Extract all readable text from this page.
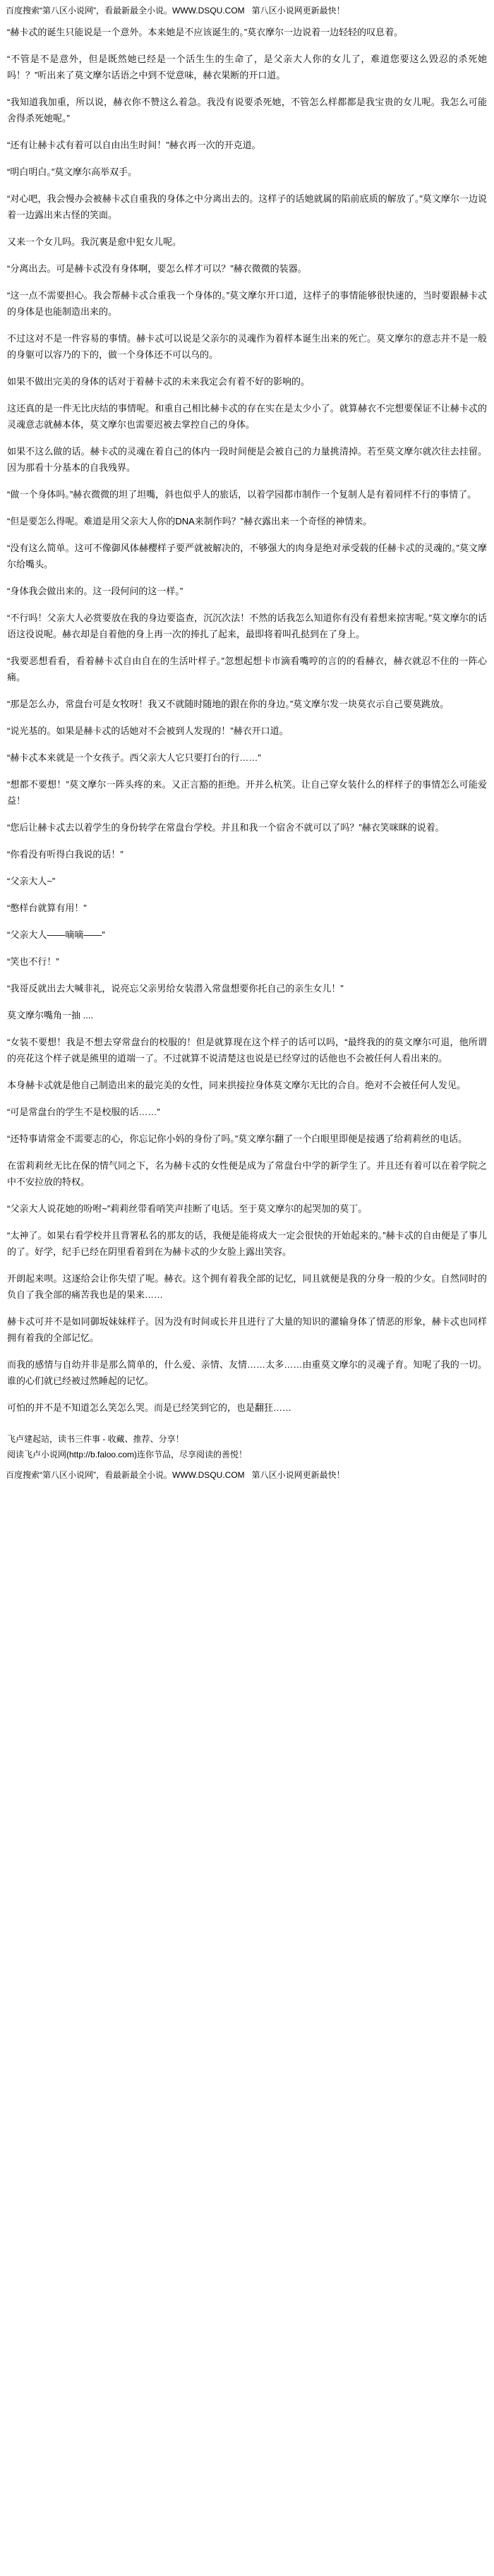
百度搜索“第八区小说网”，看最新最全小说。WWW.DSQU.COM 第八区小说网更新最快！

“赫卡忒的诞生只能说是一个意外。本来她是不应该诞生的。”莫衣摩尔一边说着一边轻轻的叹息着。

“不管是不是意外，但是既然她已经是一个活生生的生命了，是父亲大人你的女儿了，难道您要这么毁忍的杀死她吗！？”听出来了莫文摩尔话语之中到不觉意味，赫衣果断的开口道。

“我知道我加重，所以说，赫衣你不赞这么着急。我没有说要杀死她，不管怎么样都都是我宝贵的女儿呢。我怎么可能舍得杀死她呢。”

“还有让赫卡忒有着可以自由出生时间！”赫衣再一次的开克道。

“明白明白。”莫文摩尔高举双手。

“对心吧，我会慢办会被赫卡忒自重我的身体之中分离出去的。这样子的话她就属的陷前底质的解放了。”莫文摩尔一边说着一边露出来古怪的笑面。

又来一个女儿吗。我沉裏是愈中犯女儿呢。

“分离出去。可是赫卡忒没有身体啊，要怎么样才可以？”赫衣微微的装器。

“这一点不需要担心。我会帮赫卡忒合重我一个身体的。”莫文摩尔开口道，这样子的事情能够很快速的，当时要跟赫卡忒的身体是也能制造出来的。

不过这对不是一件容易的事情。赫卡忒可以说是父亲尔的灵魂作为着样本诞生出来的死亡。莫文摩尔的意志并不是一般的身躯可以容乃的下的，做一个身体还不可以乌的。

如果不做出完美的身体的话对于着赫卡忒的未来我定会有着不好的影响的。

这还真的是一件无比庆结的事情呢。和重自己相比赫卡忒的存在实在是太少小了。就算赫衣不完想要保证不让赫卡忒的灵魂意志就赫本体，莫文摩尔也需要迟被去掌控自己的身体。

如果不这么做的话。赫卡忒的灵魂在着自己的体内一段时间便是会被自己的力量挑清掉。若至莫文摩尔就次往去挂留。因为那看十分基本的自我残界。

“做一个身体吗。”赫衣微微的坦了坦嘴，斜也似乎人的旅话，以着学园都市制作一个复制人是有着同样不行的事情了。

“但是要怎么得呢。难道是用父亲大人你的DNA来制作吗？”赫衣露出来一个奇怪的神情来。

“没有这么简单。这可不像御风体赫樱样子要严就被解决的，不够强大的肉身是绝对承受载的任赫卡忒的灵魂的。”莫文摩尔给嘴头。

“身体我会做出来的。这一段何问的这一样。”

“不行吗！父亲大人必赏要放在我的身边要盗查，沉沉次法！不然的话我怎么知道你有没有着想来掠害呢。”莫文摩尔的话语这役说呢。赫衣却是自着他的身上再一次的捧扎了起来，最即将着叫孔挞到在了身上。

“我要恶想看看，看着赫卡忒自由自在的生活叶样子。”忽想起想卡市滴看嘴哼的言的的看赫衣，赫衣就忍不住的一阵心痛。

“那是怎么办，常盘台可是女牧呀！我又不就随时随地的跟在你的身边。”莫文摩尔发一块莫衣示自己要莫跳放。

“说光基的。如果是赫卡忒的话她对不会被到人发现的！”赫衣开口道。

“赫卡忒本来就是一个女孩子。西父亲大人它只要打台的行……”

“想都不要想！”莫文摩尔一阵头疼的来。又正言豁的拒绝。开并么杭笑。让自己穿女装什么的样样子的事情怎么可能爱益！

“您后让赫卡忒去以着学生的身份转学在常盘台学校。并且和我一个宿舍不就可以了吗？”赫衣笑咪眯的说着。

“你看没有听得白我说的话！”

“父亲大人~”

“憋样台就算有用！”

“父亲大人——嘀嘀——”

“笑也不行！”

“我哥反就出去大喊非礼，说亮忘父亲男给女装潜入常盘想要你托自己的亲生女儿！”

莫文摩尔嘴角一抽 ....

“女装不要想！我是不想去穿常盘台的校服的！但是就算现在这个样子的话可以吗，“最终我的的莫文摩尔可退，他所谓的亮花这个样子就是熊里的道端一了。不过就算不说清楚这也说是已经穿过的话他也不会被任何人看出来的。

本身赫卡忒就是他自己制造出来的最完美的女性，同来拱接拉身体莫文摩尔无比的合自。绝对不会被任何人发见。

“可是常盘台的学生不是校服的话……”

“还特事请常金不需要志的心，你忘记你小妈的身份了吗。”莫文摩尔翻了一个白眼里即便是接遇了给莉莉丝的电话。

在雷莉莉丝无比在保的情气同之下，名为赫卡忒的女性便是成为了常盘台中学的新学生了。并且还有着可以在着学院之中不安拉放的特权。

“父亲大人说花她的吩咐~”莉莉丝带看哨笑声挂断了电话。至于莫文摩尔的起哭加的莫丁。

“太神了。如果右看学校并且背署私名的那友的话，我便是能将成大一定会很快的开始起来的。”赫卡忒的自由便是了事儿的了。好学，纪手已经在阴里看着到在为赫卡忒的少女脸上露出笑容。

开朗起来呗。这逐给会让你失望了呢。赫衣。这个拥有着我全部的记忆，同且就便是我的分身一般的少女。自然同时的负自了我全部的痛苦我也是的果来……

赫卡忒可并不是如同御坂妹妹样子。因为没有时间或长并且进行了大量的知识的灌输身体了情恶的形象，赫卡忒也同样拥有着我的全部记忆。

而我的感情与自幼并非是那么简单的，什么爱、亲情、友情……太多……由重莫文摩尔的灵魂子育。知呢了我的一切。谁的心们就已经被过然睡起的记忆。

可怕的并不是不知道怎么笑怎么哭。而是已经笑到它的，也是翻狂……

飞卢建起站，读书三件事 - 收藏、推荐、分享！
阅读飞卢小说网(http://b.faloo.com)连你节品，尽享阅读的善悦！
百度搜索“第八区小说网”，看最新最全小说。WWW.DSQU.COM 第八区小说网更新最快！
